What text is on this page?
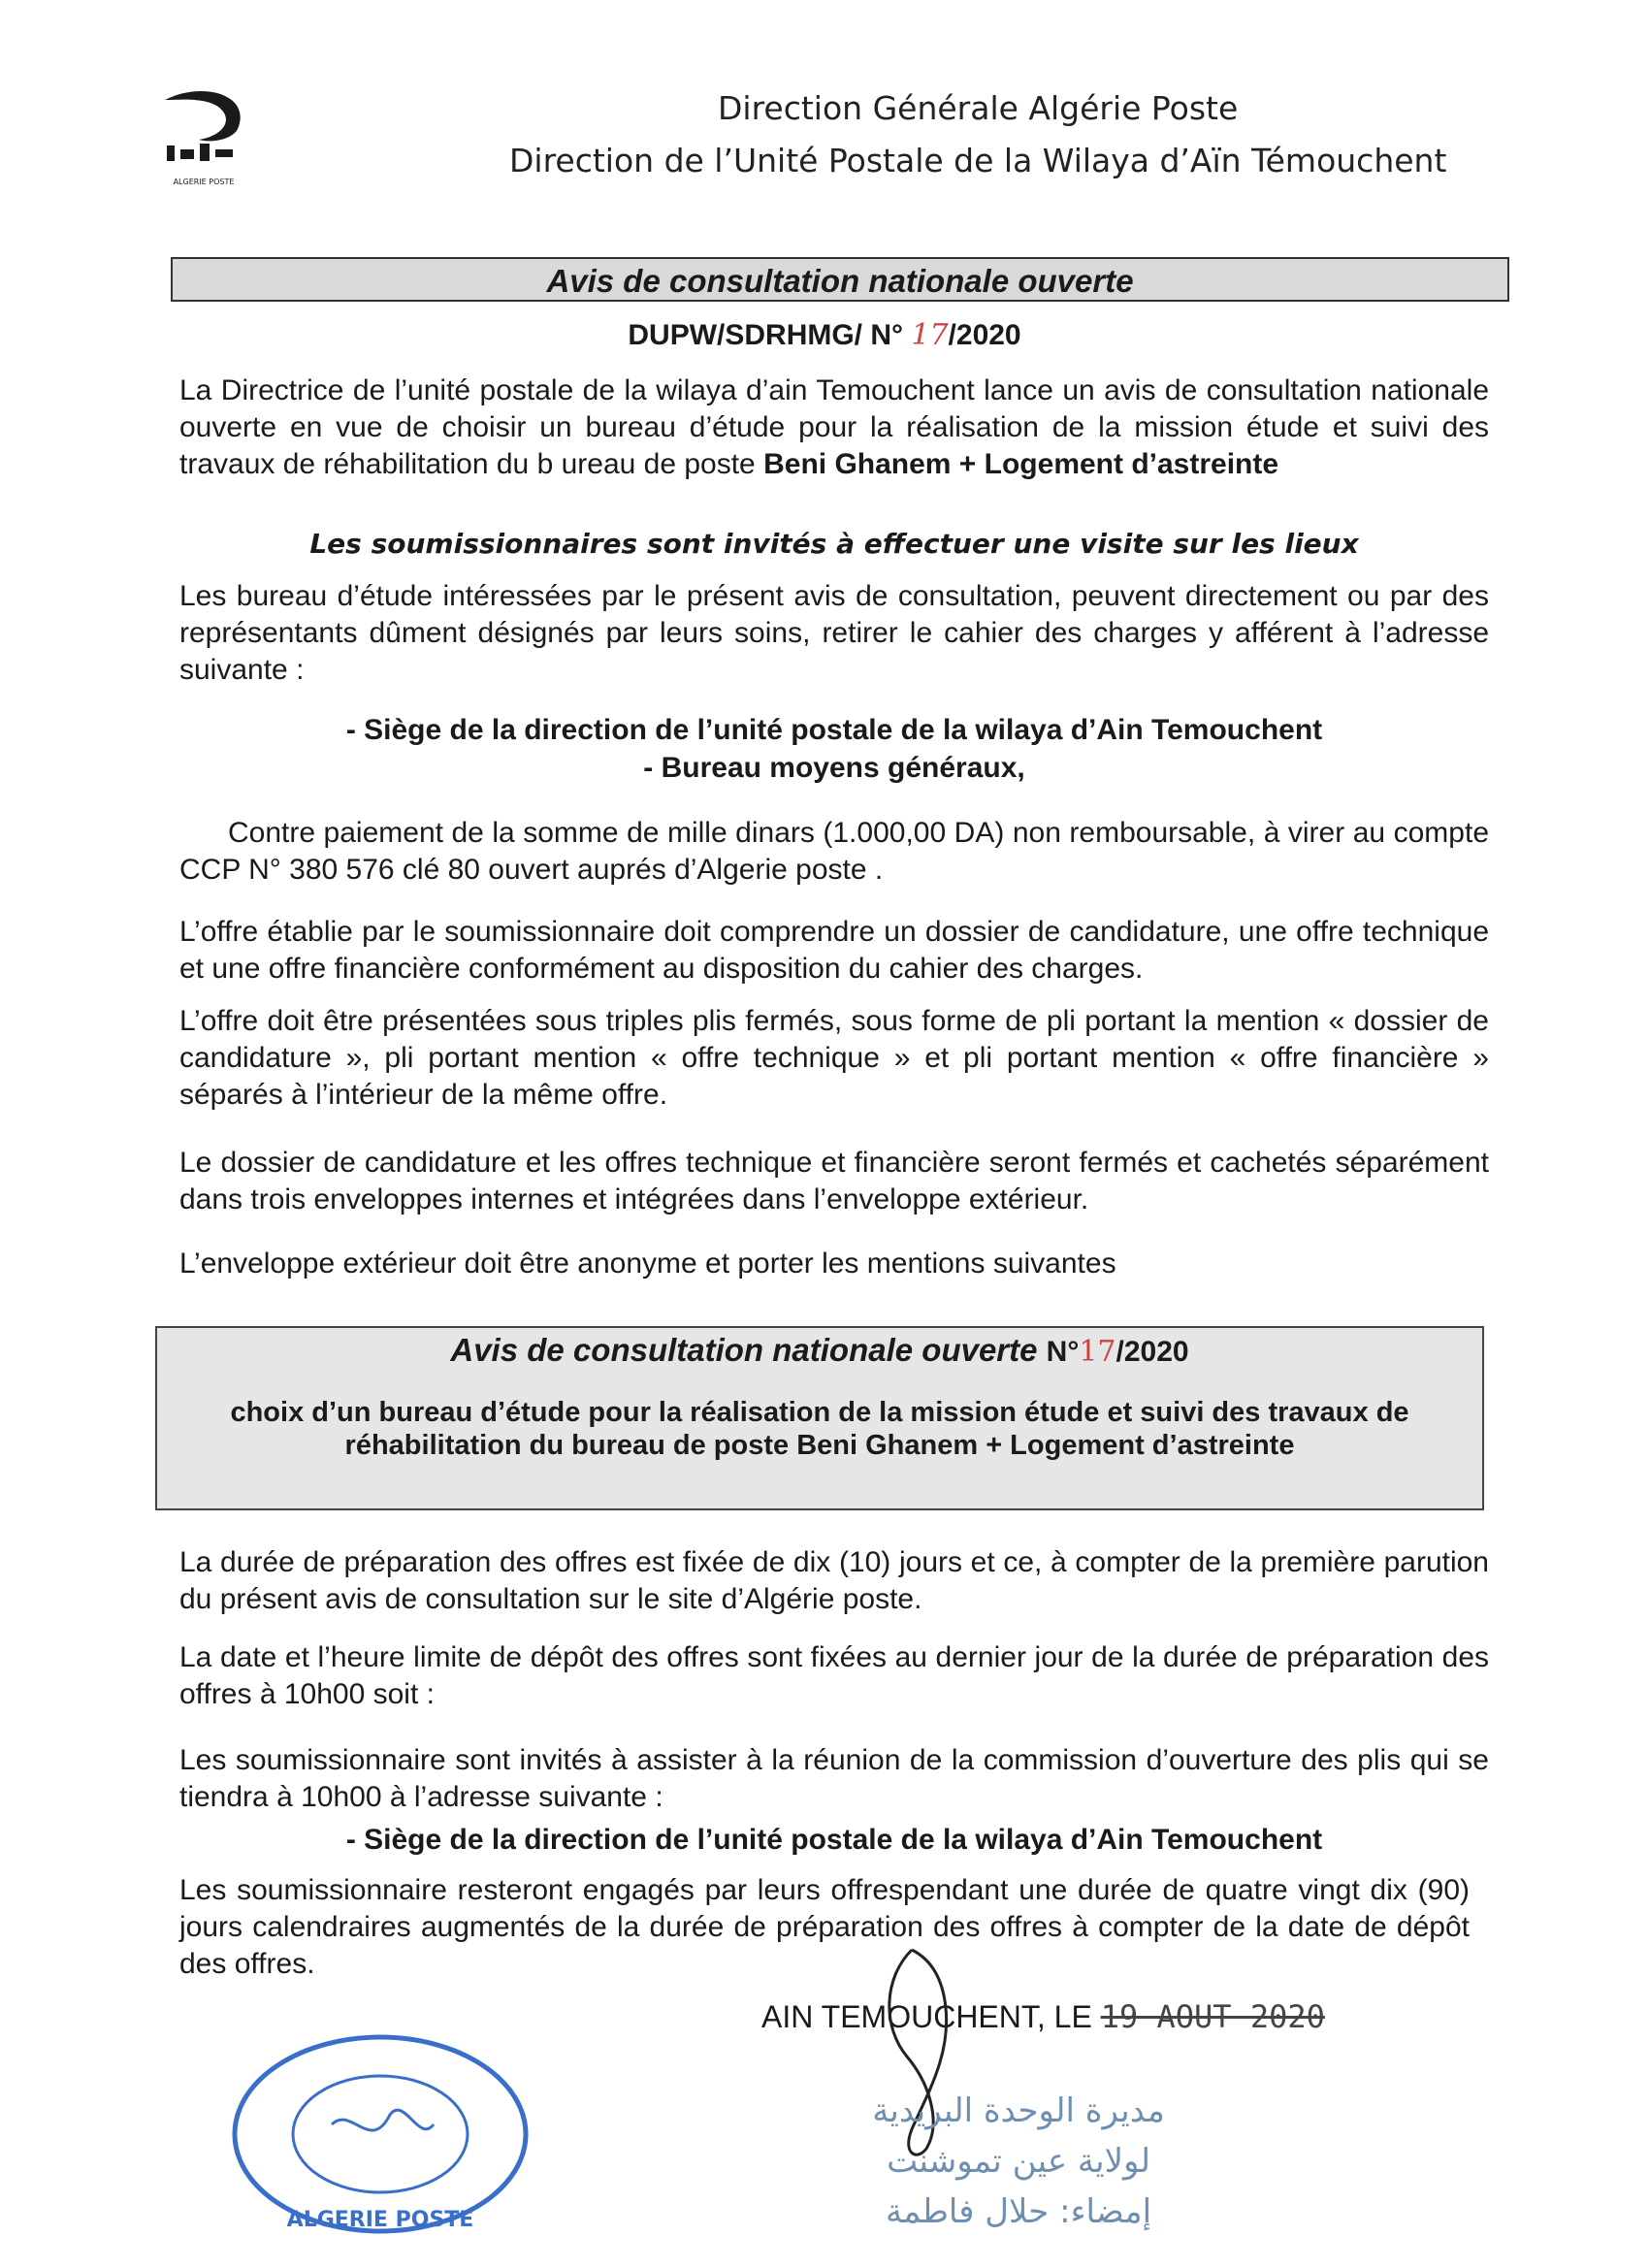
ALGERIE POSTE
Direction Générale Algérie Poste
Direction de l’Unité Postale de la Wilaya d’Aïn Témouchent
Avis de consultation nationale ouverte
DUPW/SDRHMG/ N° 17/2020
La Directrice de l’unité postale de la wilaya d’ain Temouchent lance un avis de consultation nationale ouverte en vue de choisir un bureau d’étude pour la réalisation de la mission étude et suivi des travaux de réhabilitation du b ureau de poste Beni Ghanem + Logement d’astreinte
Les soumissionnaires sont invités à effectuer une visite sur les lieux
Les bureau d’étude intéressées par le présent avis de consultation, peuvent directement ou par des représentants dûment désignés par leurs soins, retirer le cahier des charges y afférent à l’adresse suivante :
- Siège de la direction de l’unité postale de la wilaya d’Ain Temouchent
- Bureau moyens généraux,
Contre paiement de la somme de mille dinars (1.000,00 DA) non remboursable, à virer au compte CCP N° 380 576 clé 80 ouvert auprés d’Algerie poste .
L’offre établie par le soumissionnaire doit comprendre un dossier de candidature, une offre technique et une offre financière conformément au disposition du cahier des charges.
L’offre doit être présentées sous triples plis fermés, sous forme de pli portant la mention « dossier de candidature », pli portant mention « offre technique » et pli portant mention « offre financière » séparés à l’intérieur de la même offre.
Le dossier de candidature et les offres technique et financière seront fermés et cachetés séparément dans trois enveloppes internes et intégrées dans l’enveloppe extérieur.
L’enveloppe extérieur doit être anonyme et porter les mentions suivantes
Avis de consultation nationale ouverte N°17/2020
choix d’un bureau d’étude pour la réalisation de la mission étude et suivi des travaux de réhabilitation du bureau de poste Beni Ghanem + Logement d’astreinte
La durée de préparation des offres est fixée de dix (10) jours et ce, à compter de la première parution du présent avis de consultation sur le site d’Algérie poste.
La date et l’heure limite de dépôt des offres sont fixées au dernier jour de la durée de préparation des offres à 10h00 soit :
Les soumissionnaire sont invités à assister à la réunion de la commission d’ouverture des plis qui se tiendra à 10h00 à l’adresse suivante :
- Siège de la direction de l’unité postale de la wilaya d’Ain Temouchent
Les soumissionnaire resteront engagés par leurs offrespendant une durée de quatre vingt dix (90) jours calendraires augmentés de la durée de préparation des offres à compter de la date de dépôt des offres.
AIN TEMOUCHENT, LE 19 AOUT 2020
ALGERIE POSTE
مديرة الوحدة البريدية
لولاية عين تموشنت
إمضاء: حلال فاطمة
